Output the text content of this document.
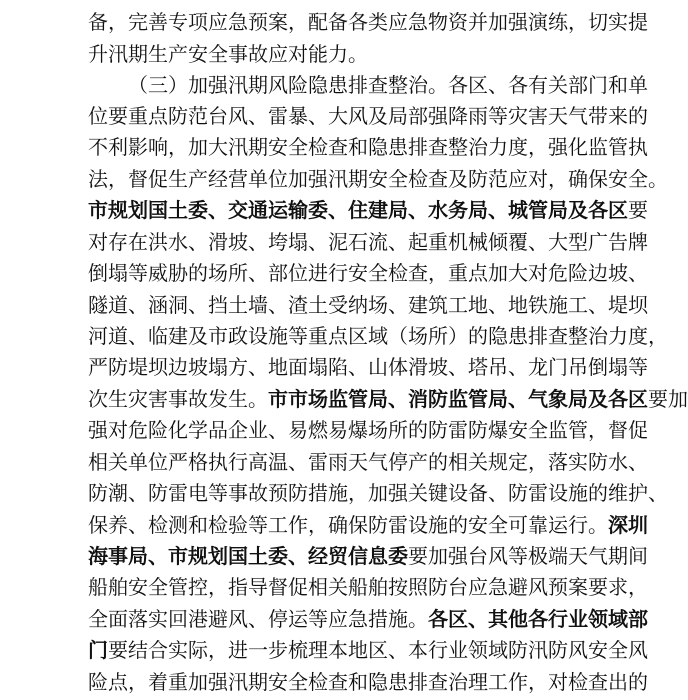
备，完善专项应急预案，配备各类应急物资并加强演练，切实提
升汛期生产安全事故应对能力。
（三）加强汛期风险隐患排查整治。各区、各有关部门和单
位要重点防范台风、雷暴、大风及局部强降雨等灾害天气带来的
不利影响，加大汛期安全检查和隐患排查整治力度，强化监管执
法，督促生产经营单位加强汛期安全检查及防范应对，确保安全。
市规划国土委、交通运输委、住建局、水务局、城管局及各区要
对存在洪水、滑坡、垮塌、泥石流、起重机械倾覆、大型广告牌
倒塌等威胁的场所、部位进行安全检查，重点加大对危险边坡、
隧道、涵洞、挡土墙、渣土受纳场、建筑工地、地铁施工、堤坝
河道、临建及市政设施等重点区域（场所）的隐患排查整治力度，
严防堤坝边坡塌方、地面塌陷、山体滑坡、塔吊、龙门吊倒塌等
次生灾害事故发生。市市场监管局、消防监管局、气象局及各区要加
强对危险化学品企业、易燃易爆场所的防雷防爆安全监管，督促
相关单位严格执行高温、雷雨天气停产的相关规定，落实防水、
防潮、防雷电等事故预防措施，加强关键设备、防雷设施的维护、
保养、检测和检验等工作，确保防雷设施的安全可靠运行。深圳
海事局、市规划国土委、经贸信息委要加强台风等极端天气期间
船舶安全管控，指导督促相关船舶按照防台应急避风预案要求，
全面落实回港避风、停运等应急措施。各区、其他各行业领域部
门要结合实际，进一步梳理本地区、本行业领域防汛防风安全风
险点，着重加强汛期安全检查和隐患排查治理工作，对检查出的
